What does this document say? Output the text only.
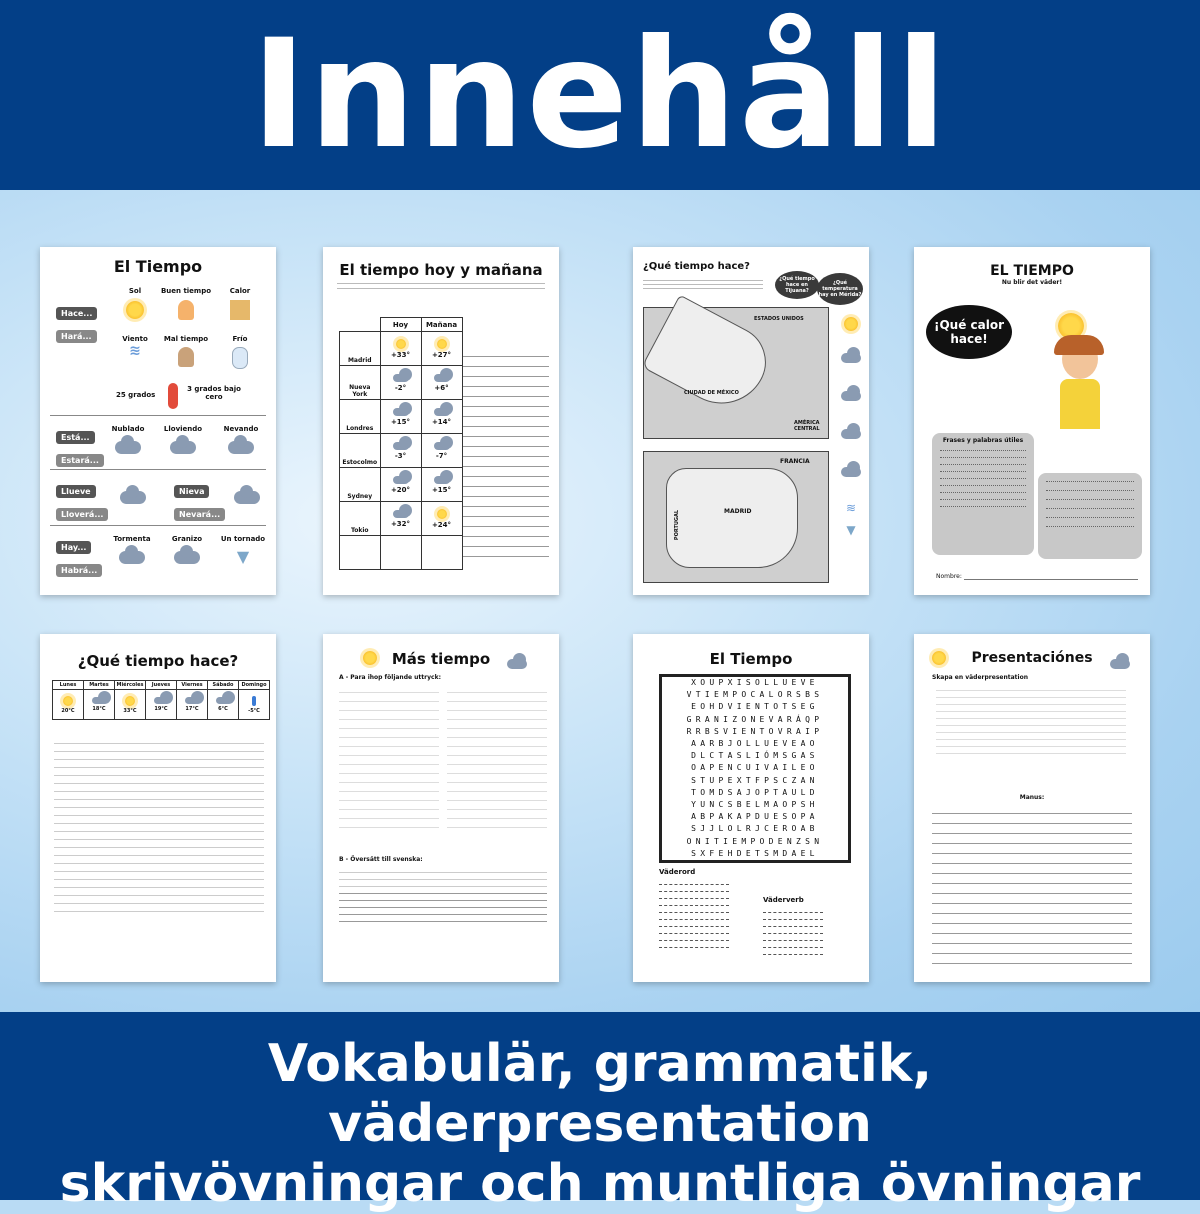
Innehåll
El Tiempo
Hace...
Hará...
Sol	Buen tiempo	Calor

Viento
≋
Mal tiempo	Frío

25 grados
3 grados bajo cero
Está...
Estará...
Nublado	Lloviendo	Nevando

Llueve
Lloverá...
Nieva
Nevará...
Hay...
Habrá...
Tormenta	Granizo	Un tornado
▼
El tiempo hoy y mañana
	Hoy	Mañana
Madrid	+33°	+27°
Nueva York	-2°	+6°
Londres	+15°	+14°
Estocolmo	-3°	-7°
Sydney	+20°	+15°
Tokio	+32°	+24°

¿Qué tiempo hace?
¿Qué tiempo hace en Tijuana?
¿Qué temperatura hay en Mérida?
ESTADOS UNIDOS
CIUDAD DE MÉXICO
AMÉRICA CENTRAL
FRANCIA
MADRID
PORTUGAL

≋
▼
EL TIEMPO
Nu blir det väder!
¡Qué calor hace!
Frases y palabras útiles
Nombre:
¿Qué tiempo hace?
Lunes	Martes	Miércoles	Jueves	Viernes	Sábado	Domingo

20°C	18°C	33°C	19°C	17°C	6°C	-5°C
Más tiempo
A - Para ihop följande uttryck:
B - Översätt till svenska:
El Tiempo
XOUPXISOLLUEVE
VTIEMPOCALORSBS
EOHDVIENTOTSEG
GRANIZONEVARÁQP
RRBSVIENTOVRAIP
AARBJOLLUEVEAO
DLCTASLIÓMSGAS
OAPENCUIVAILEO
STUPEXTFPSCZAN
TOMDSAJOPTAULD
YUNCSBELMAOPSH
ABPAKAPDUESOPA
SJJLOLRJCEROAB
ONITIEMPODENZSN
SXFEHDETSMDAEL
Väderord
Väderverb
Presentaciónes
Skapa en väderpresentation
Manus:
Vokabulär, grammatik, väderpresentation
skrivövningar och muntliga övningar
